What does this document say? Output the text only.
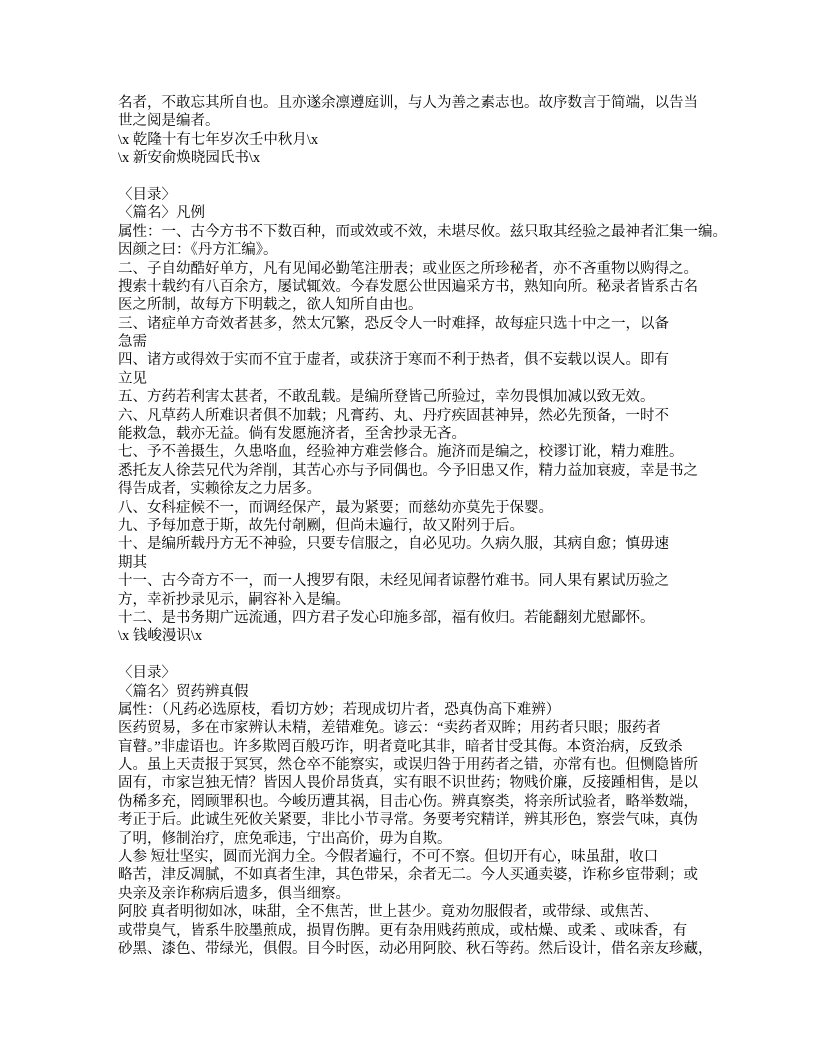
名者，不敢忘其所自也。且亦遂余凛遵庭训，与人为善之素志也。故序数言于简端，以告当
世之阅是编者。
\x 乾隆十有七年岁次壬中秋月\x
\x 新安俞焕晓园氏书\x

〈目录〉
〈篇名〉凡例
属性：一、古今方书不下数百种，而或效或不效，未堪尽攸。兹只取其经验之最神者汇集一编。
因颜之曰：《丹方汇编》。
二、子自幼酷好单方，凡有见闻必勤笔注册表；或业医之所珍秘者，亦不吝重物以购得之。
搜索十载约有八百余方，屡试辄效。今春发愿公世因遍采方书，熟知向所。秘录者皆系古名
医之所制，故每方下明载之，欲人知所自由也。
三、诸症单方奇效者甚多，然太冗繁，恐反令人一时难择，故每症只选十中之一，以备
急需
四、诸方或得效于实而不宜于虚者，或获济于寒而不利于热者，俱不妄载以误人。即有
立见
五、方药若利害太甚者，不敢乱载。是编所登皆己所验过，幸勿畏惧加减以致无效。
六、凡草药人所难识者俱不加载；凡膏药、丸、丹疗疾固甚神异，然必先预备，一时不
能救急，载亦无益。倘有发愿施济者，至舍抄录无吝。
七、予不善摄生，久患咯血，经验神方难尝修合。施济而是编之，校谬订讹，精力难胜。
悉托友人徐芸兄代为斧削，其苦心亦与予同偶也。今予旧患又作，精力益加衰疲，幸是书之
得告成者，实赖徐友之力居多。
八、女科症候不一，而调经保产，最为紧要；而慈幼亦莫先于保婴。
九、予每加意于斯，故先付剞劂，但尚未遍行，故又附列于后。
十、是编所载丹方无不神验，只要专信服之，自必见功。久病久服，其病自愈；慎毋速
期其
十一、古今奇方不一，而一人搜罗有限，未经见闻者谅罄竹难书。同人果有累试历验之
方，幸祈抄录见示，嗣容补入是编。
十二、是书务期广远流通，四方君子发心印施多部，福有攸归。若能翻刻尤慰鄙怀。
\x 钱峻漫识\x

〈目录〉
〈篇名〉贸药辨真假
属性：（凡药必选原枝，看切方妙；若现成切片者，恐真伪高下难辨）
医药贸易，多在市家辨认未精，差错难免。谚云：“卖药者双眸；用药者只眼；服药者
盲瞽。”非虚语也。许多欺罔百般巧诈，明者竟叱其非，暗者甘受其侮。本资治病，反致杀
人。虽上天责报于冥冥，然仓卒不能察实，或误归咎于用药者之错，亦常有也。但恻隐皆所
固有，市家岂独无情？皆因人畏价昂货真，实有眼不识世药；物贱价廉，反接踵相售，是以
伪稀多充，罔顾罪积也。今峻历遭其祸，目击心伤。辨真察类，将亲所试验者，略举数端，
考正于后。此诚生死攸关紧要，非比小节寻常。务要考究精详，辨其形色，察尝气味，真伪
了明，修制治疗，庶免乖违，宁出高价，毋为自欺。
人参 短壮坚实，圆而光润力全。今假者遍行，不可不察。但切开有心，味虽甜，收口
略苦，津反凋腻，不如真者生津，其色带呆，余者无二。今人买通卖婆，诈称乡宦带剩；或
央亲及亲诈称病后遗多，俱当细察。
阿胶 真者明彻如冰，味甜，全不焦苦，世上甚少。竟劝勿服假者，或带绿、或焦苦、
或带臭气，皆系牛胶墨煎成，损胃伤脾。更有杂用贱药煎成，或枯燥、或柔 、或味香，有
砂黑、漆色、带绿光，俱假。目今时医，动必用阿胶、秋石等药。然后设计，借名亲友珍藏，
